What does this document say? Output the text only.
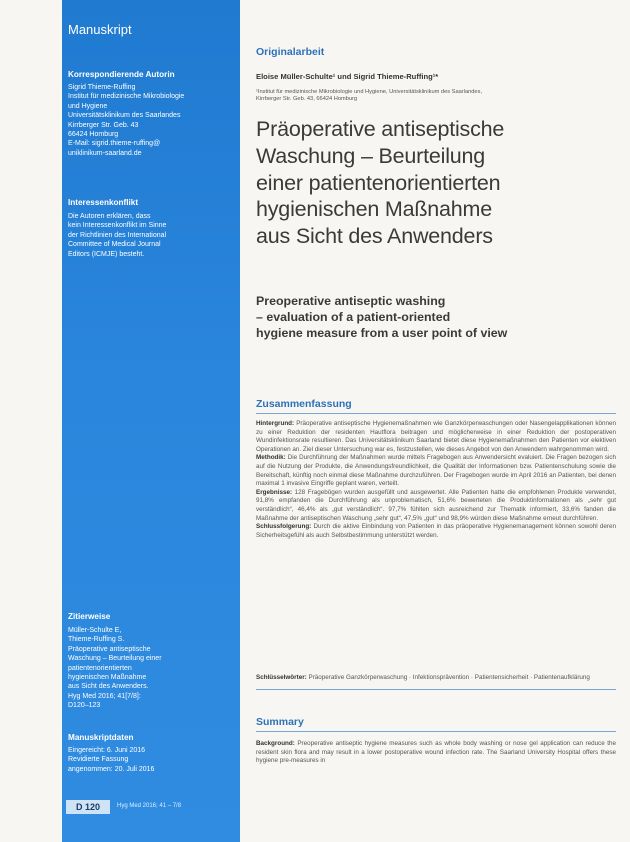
Manuskript
Korrespondierende Autorin
Sigrid Thieme-Ruffing
Institut für medizinische Mikrobiologie
und Hygiene
Universitätsklinikum des Saarlandes
Kirrberger Str. Geb. 43
66424 Homburg
E-Mail: sigrid.thieme-ruffing@
uniklinikum-saarland.de
Interessenkonflikt
Die Autoren erklären, dass
kein Interessenkonflikt im Sinne
der Richtlinien des International
Committee of Medical Journal
Editors (ICMJE) besteht.
Zitierweise
Müller-Schulte E,
Thieme-Ruffing S.
Präoperative antiseptische
Waschung – Beurteilung einer
patientenorientierten
hygienischen Maßnahme
aus Sicht des Anwenders.
Hyg Med 2016; 41[7/8]:
D120–123
Manuskriptdaten
Eingereicht: 6. Juni 2016
Revidierte Fassung
angenommen: 20. Juli 2016
D 120	Hyg Med 2016; 41 – 7/8
Originalarbeit
Eloise Müller-Schulte¹ und Sigrid Thieme-Ruffing¹*
¹Institut für medizinische Mikrobiologie und Hygiene, Universitätsklinikum des Saarlandes,
Kirrberger Str. Geb. 43, 66424 Homburg
Präoperative antiseptische
Waschung – Beurteilung
einer patientenorientierten
hygienischen Maßnahme
aus Sicht des Anwenders
Preoperative antiseptic washing
– evaluation of a patient-oriented
hygiene measure from a user point of view
Zusammenfassung

Hintergrund: Präoperative antiseptische Hygienemaßnahmen wie Ganzkörperwaschungen oder Nasengelapplikationen können zu einer Reduktion der residenten Hautflora beitragen und möglicherweise in einer Reduktion der postoperativen Wundinfektionsrate resultieren. Das Universitätsklinikum Saarland bietet diese Hygienemaßnahmen den Patienten vor elektiven Operationen an. Ziel dieser Untersuchung war es, festzustellen, wie dieses Angebot von den Anwendern wahrgenommen wird.

Methodik: Die Durchführung der Maßnahmen wurde mittels Fragebogen aus Anwendersicht evaluiert. Die Fragen bezogen sich auf die Nutzung der Produkte, die Anwendungsfreundlichkeit, die Qualität der Informationen bzw. Patientenschulung sowie die Bereitschaft, künftig noch einmal diese Maßnahme durchzuführen. Der Fragebogen wurde im April 2016 an Patienten, bei denen maximal 1 invasive Eingriffe geplant waren, verteilt.

Ergebnisse: 128 Fragebögen wurden ausgefüllt und ausgewertet. Alle Patienten hatte die empfohlenen Produkte verwendet, 91,8% empfanden die Durchführung als unproblematisch, 51,6% bewerteten die Produktinformationen als „sehr gut verständlich“, 46,4% als „gut verständlich“. 97,7% fühlten sich ausreichend zur Thematik informiert, 33,6% fanden die Maßnahme der antiseptischen Waschung „sehr gut“, 47,5% „gut“ und 98,9% würden diese Maßnahme erneut durchführen.

Schlussfolgerung: Durch die aktive Einbindung von Patienten in das präoperative Hygienemanagement können sowohl deren Sicherheitsgefühl als auch Selbstbestimmung unterstützt werden.

Schlüsselwörter: Präoperative Ganzkörperwaschung · Infektionsprävention · Patientensicherheit · Patientenaufklärung
Summary
Background: Preoperative antiseptic hygiene measures such as whole body washing or nose gel application can reduce the resident skin flora and may result in a lower postoperative wound infection rate. The Saarland University Hospital offers these hygiene pre-measures in
